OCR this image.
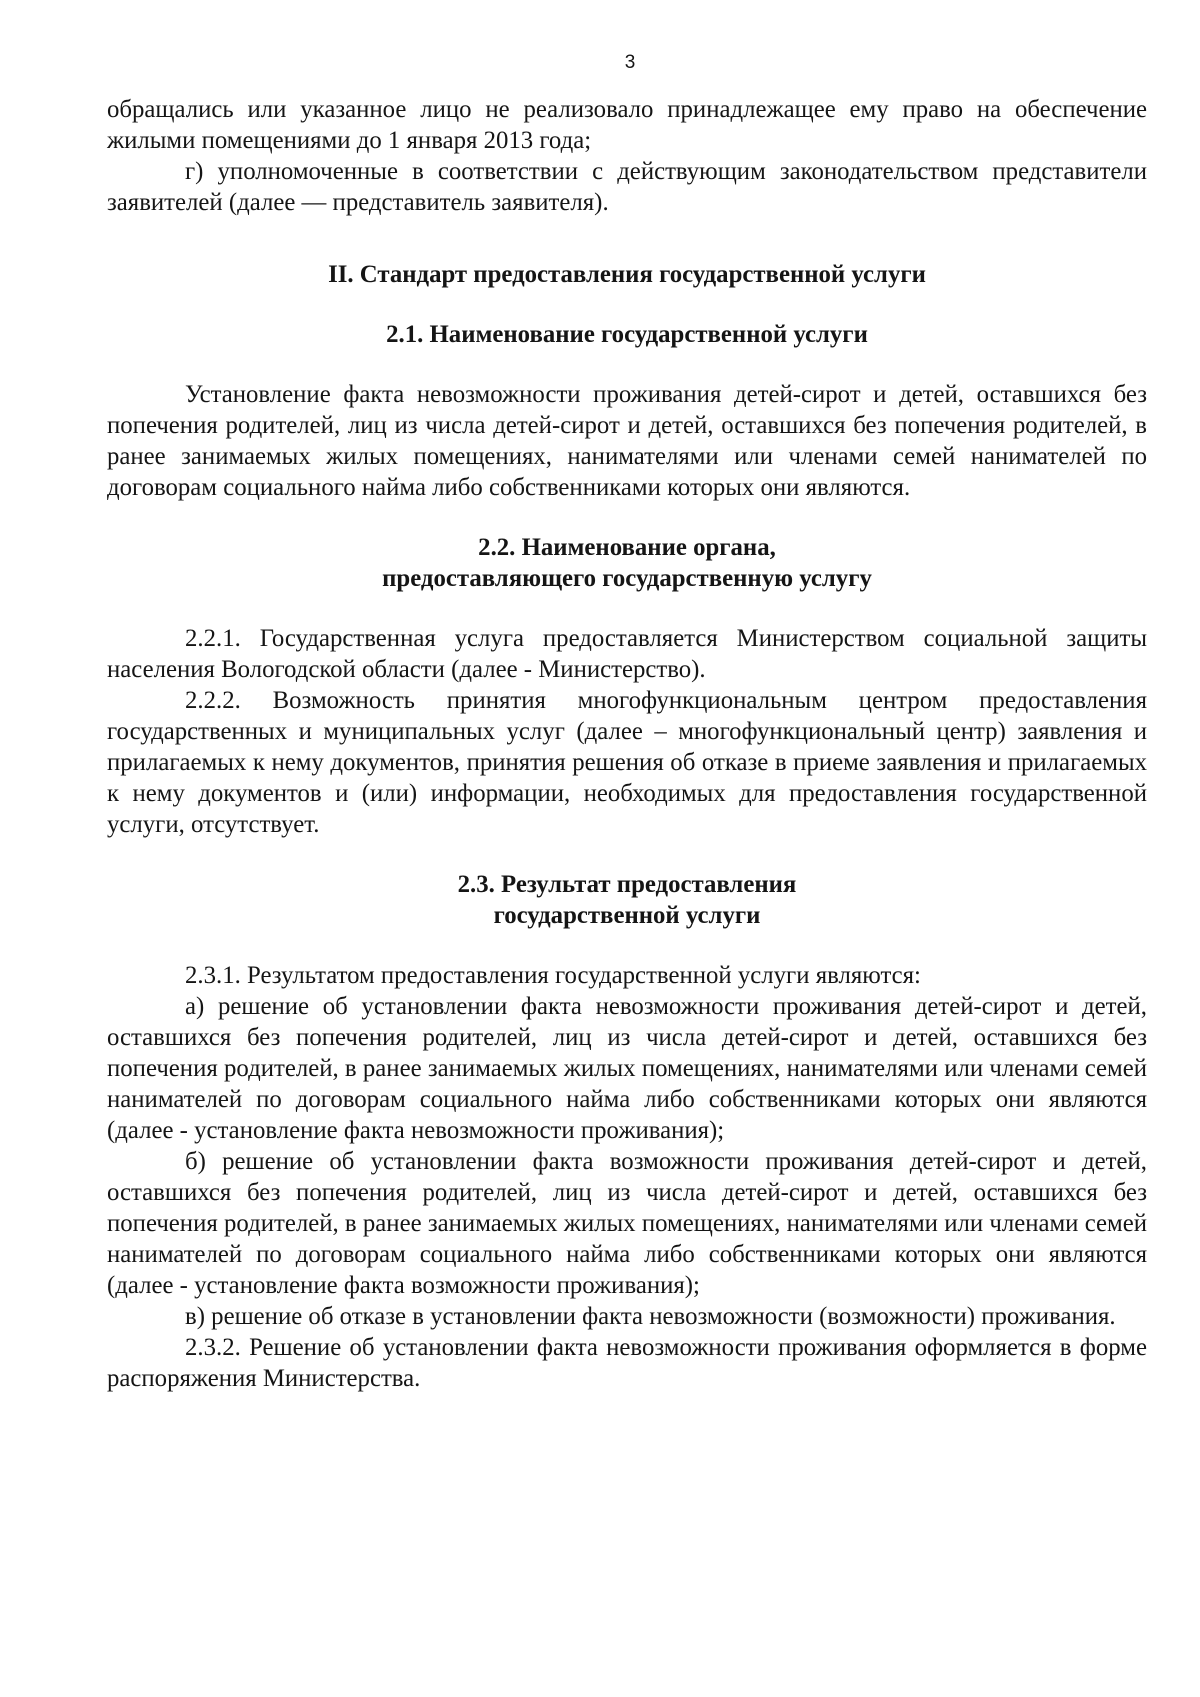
3

обращались или указанное лицо не реализовало принадлежащее ему право на обеспечение жилыми помещениями до 1 января 2013 года;

г) уполномоченные в соответствии с действующим законодательством представители заявителей (далее — представитель заявителя).

II. Стандарт предоставления государственной услуги

2.1. Наименование государственной услуги

Установление факта невозможности проживания детей-сирот и детей, оставшихся без попечения родителей, лиц из числа детей-сирот и детей, оставшихся без попечения родителей, в ранее занимаемых жилых помещениях, нанимателями или членами семей нанимателей по договорам социального найма либо собственниками которых они являются.

2.2. Наименование органа,

предоставляющего государственную услугу

2.2.1. Государственная услуга предоставляется Министерством социальной защиты населения Вологодской области (далее - Министерство).

2.2.2. Возможность принятия многофункциональным центром предоставления государственных и муниципальных услуг (далее – многофункциональный центр) заявления и прилагаемых к нему документов, принятия решения об отказе в приеме заявления и прилагаемых к нему документов и (или) информации, необходимых для предоставления государственной услуги, отсутствует.

2.3. Результат предоставления

государственной услуги

2.3.1. Результатом предоставления государственной услуги являются:

а) решение об установлении факта невозможности проживания детей-сирот и детей, оставшихся без попечения родителей, лиц из числа детей-сирот и детей, оставшихся без попечения родителей, в ранее занимаемых жилых помещениях, нанимателями или членами семей нанимателей по договорам социального найма либо собственниками которых они являются (далее - установление факта невозможности проживания);

б) решение об установлении факта возможности проживания детей-сирот и детей, оставшихся без попечения родителей, лиц из числа детей-сирот и детей, оставшихся без попечения родителей, в ранее занимаемых жилых помещениях, нанимателями или членами семей нанимателей по договорам социального найма либо собственниками которых они являются (далее - установление факта возможности проживания);

в) решение об отказе в установлении факта невозможности (возможности) проживания.

2.3.2. Решение об установлении факта невозможности проживания оформляется в форме распоряжения Министерства.
